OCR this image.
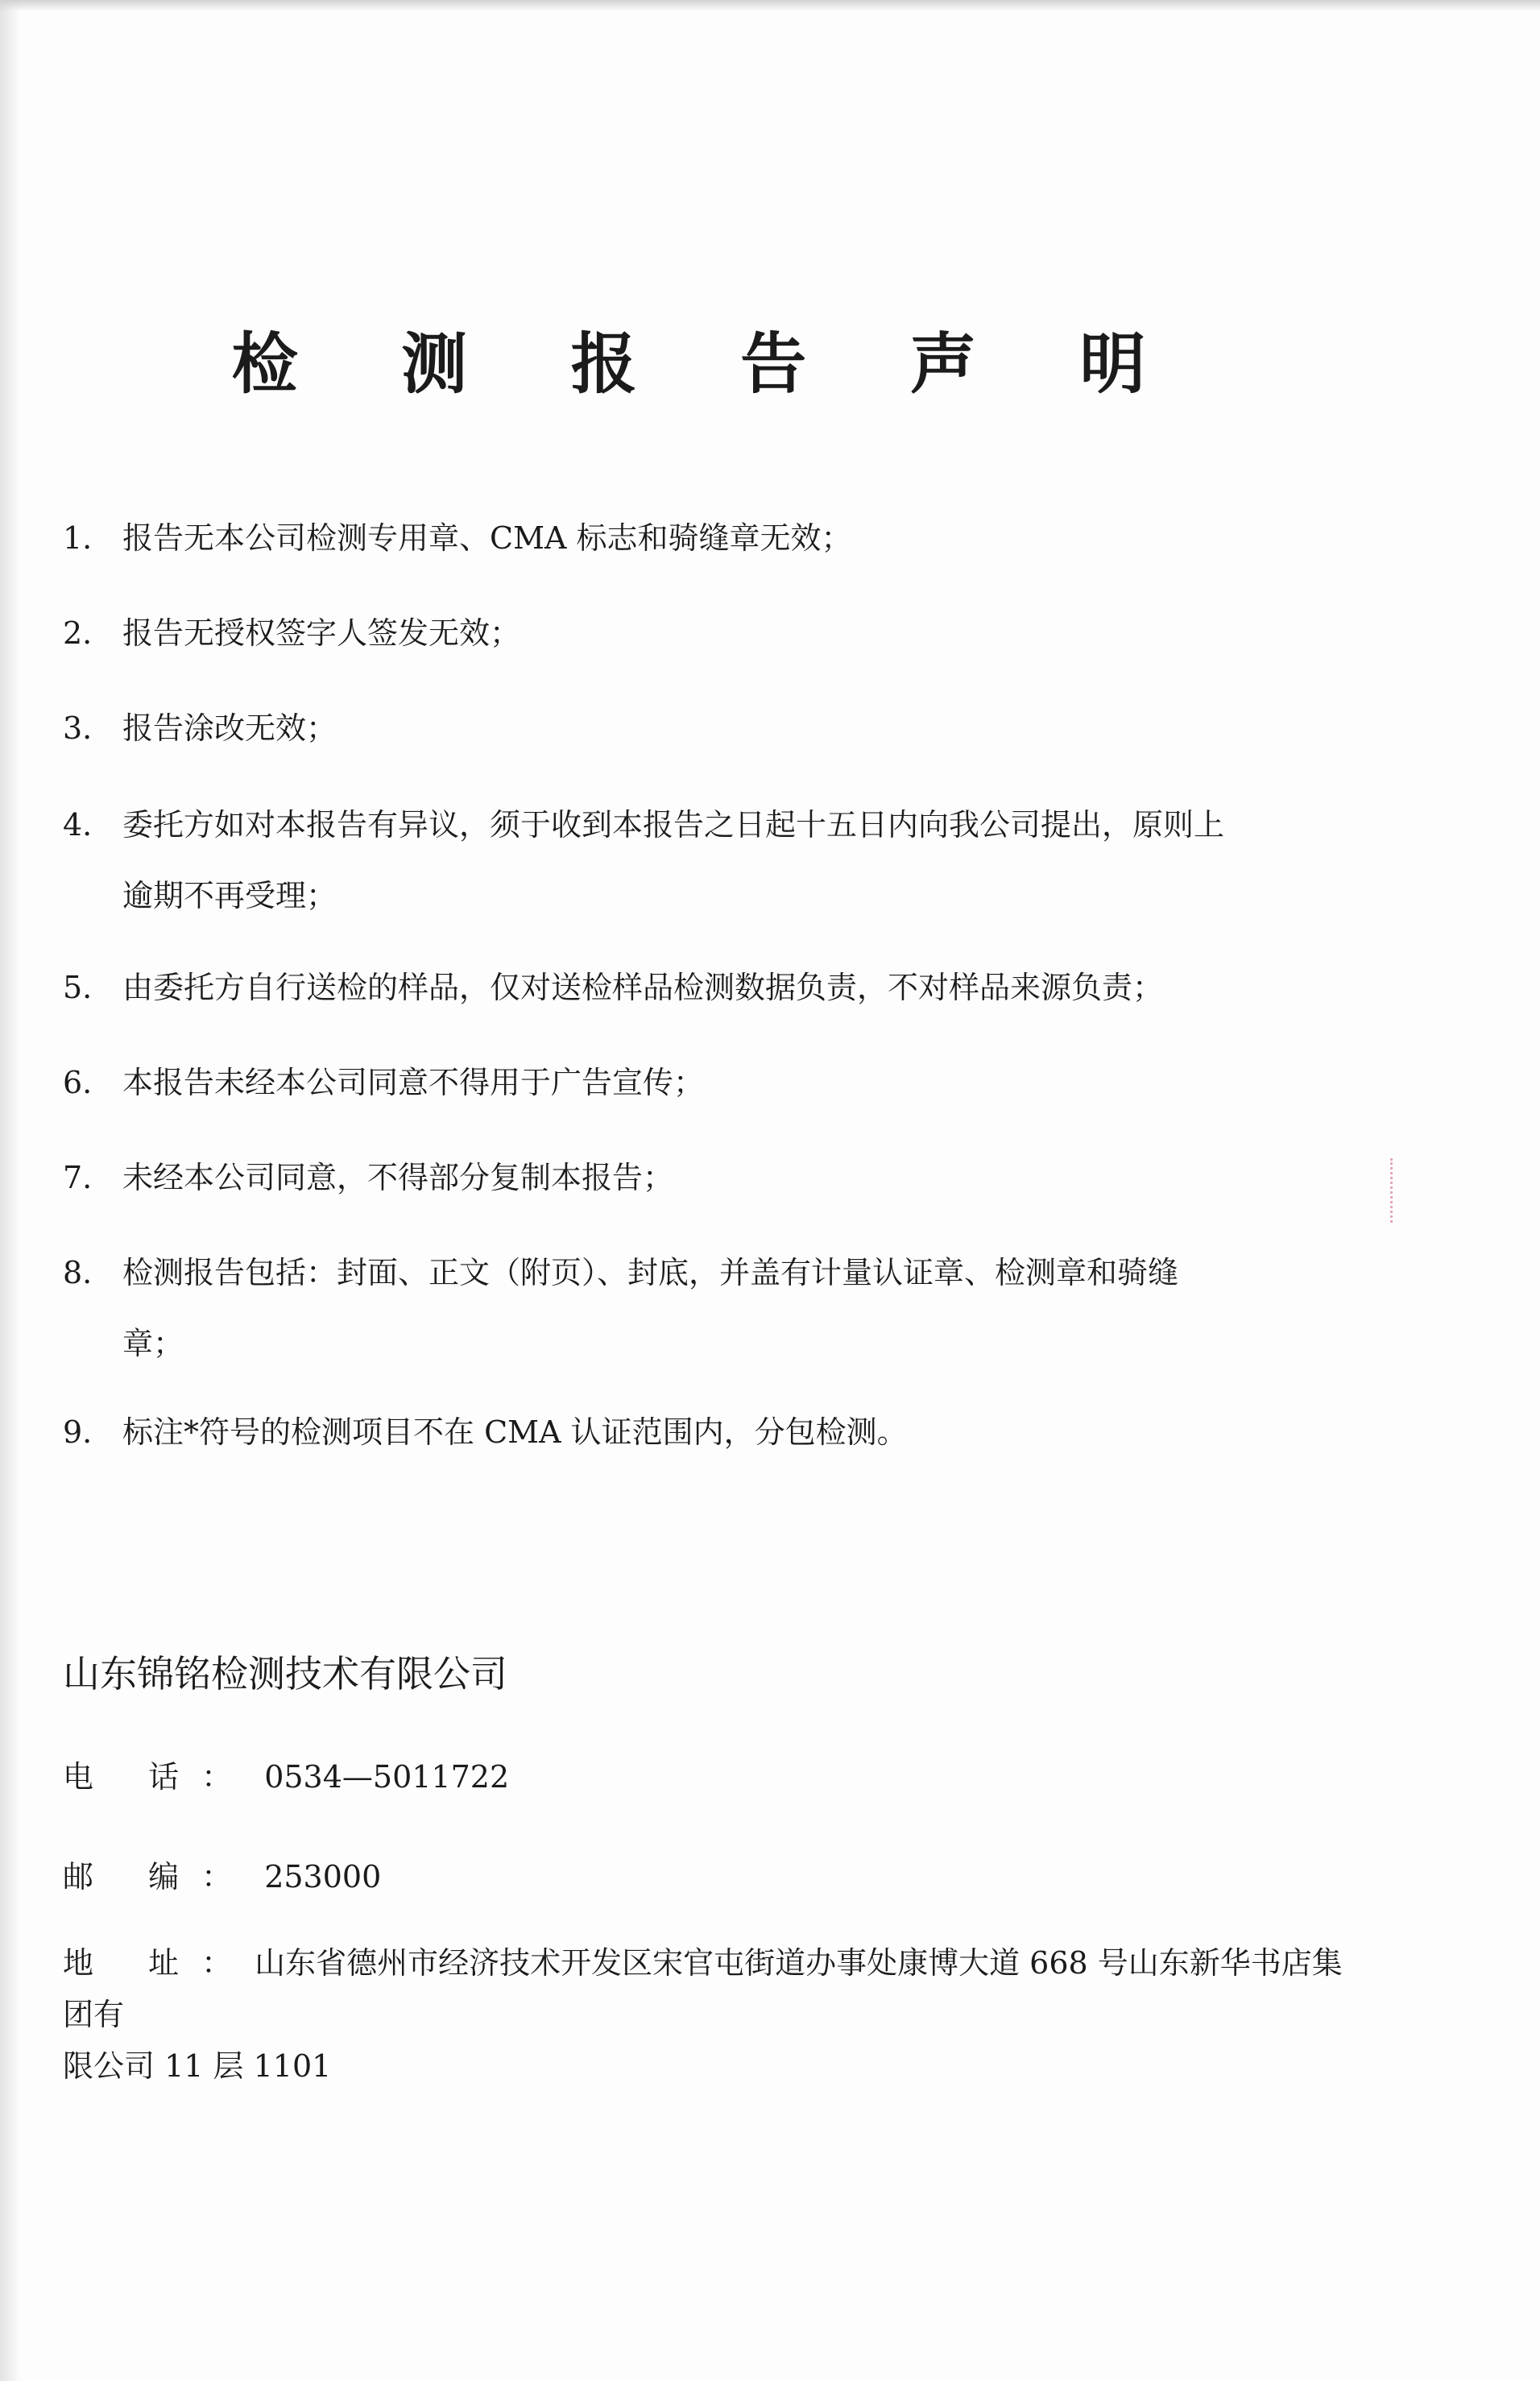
检 测 报 告 声 明
1. 报告无本公司检测专用章、CMA 标志和骑缝章无效；
2. 报告无授权签字人签发无效；
3. 报告涂改无效；
4. 委托方如对本报告有异议，须于收到本报告之日起十五日内向我公司提出，原则上
逾期不再受理；
5. 由委托方自行送检的样品，仅对送检样品检测数据负责，不对样品来源负责；
6. 本报告未经本公司同意不得用于广告宣传；
7. 未经本公司同意，不得部分复制本报告；
8. 检测报告包括：封面、正文（附页）、封底，并盖有计量认证章、检测章和骑缝
章；
9. 标注*符号的检测项目不在 CMA 认证范围内，分包检测。
山东锦铭检测技术有限公司
电 话： 0534—5011722
邮 编： 253000
地 址：山东省德州市经济技术开发区宋官屯街道办事处康博大道 668 号山东新华书店集团有
限公司 11 层 1101
